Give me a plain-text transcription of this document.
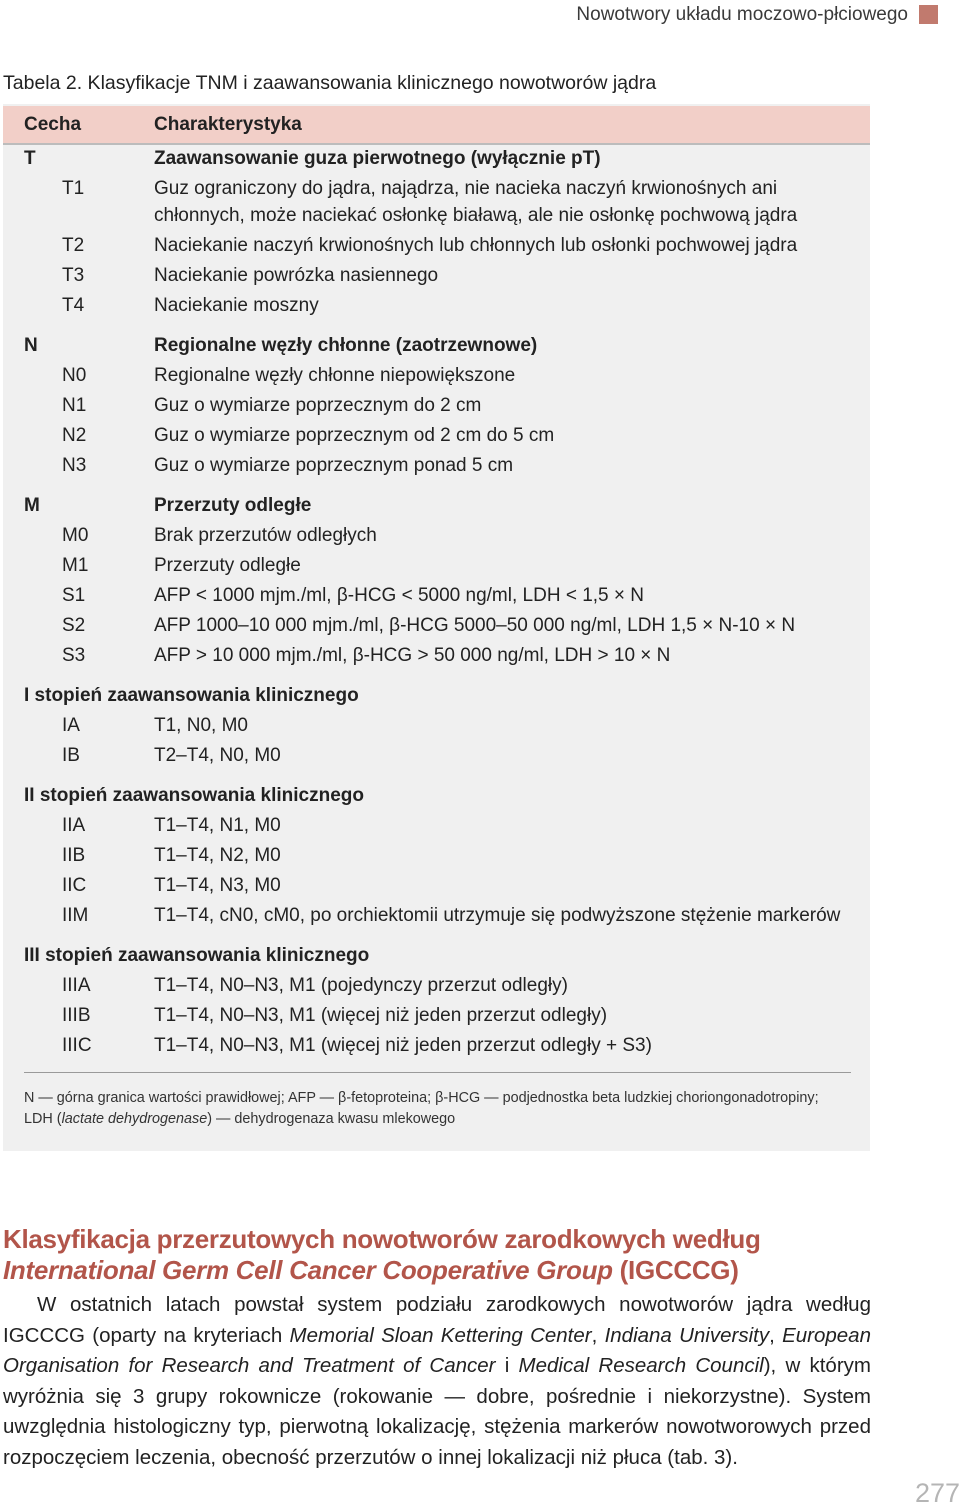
Nowotwory układu moczowo-płciowego
Tabela 2. Klasyfikacje TNM i zaawansowania klinicznego nowotworów jądra
Cecha	Charakterystyka
T	Zaawansowanie guza pierwotnego (wyłącznie pT)
T1	Guz ograniczony do jądra, najądrza, nie nacieka naczyń krwionośnych ani
chłonnych, może naciekać osłonkę białawą, ale nie osłonkę pochwową jądra
T2	Naciekanie naczyń krwionośnych lub chłonnych lub osłonki pochwowej jądra
T3	Naciekanie powrózka nasiennego
T4	Naciekanie moszny
N	Regionalne węzły chłonne (zaotrzewnowe)
N0	Regionalne węzły chłonne niepowiększone
N1	Guz o wymiarze poprzecznym do 2 cm
N2	Guz o wymiarze poprzecznym od 2 cm do 5 cm
N3	Guz o wymiarze poprzecznym ponad 5 cm
M	Przerzuty odległe
M0	Brak przerzutów odległych
M1	Przerzuty odległe
S1	AFP < 1000 mjm./ml, β-HCG < 5000 ng/ml, LDH < 1,5 × N
S2	AFP 1000–10 000 mjm./ml, β-HCG 5000–50 000 ng/ml, LDH 1,5 × N-10 × N
S3	AFP > 10 000 mjm./ml, β-HCG > 50 000 ng/ml, LDH > 10 × N
I stopień zaawansowania klinicznego
IA	T1, N0, M0
IB	T2–T4, N0, M0
II stopień zaawansowania klinicznego
IIA	T1–T4, N1, M0
IIB	T1–T4, N2, M0
IIC	T1–T4, N3, M0
IIM	T1–T4, cN0, cM0, po orchiektomii utrzymuje się podwyższone stężenie markerów
III stopień zaawansowania klinicznego
IIIA	T1–T4, N0–N3, M1 (pojedynczy przerzut odległy)
IIIB	T1–T4, N0–N3, M1 (więcej niż jeden przerzut odległy)
IIIC	T1–T4, N0–N3, M1 (więcej niż jeden przerzut odległy + S3)
N — górna granica wartości prawidłowej; AFP — β-fetoproteina; β-HCG — podjednostka beta ludzkiej choriongonadotropiny;
LDH (lactate dehydrogenase) — dehydrogenaza kwasu mlekowego
Klasyfikacja przerzutowych nowotworów zarodkowych według International Germ Cell Cancer Cooperative Group (IGCCCG)
W ostatnich latach powstał system podziału zarodkowych nowotworów jądra według IGCCCG (oparty na kryteriach Memorial Sloan Kettering Center, Indiana University, European Organisation for Research and Treatment of Cancer i Medical Research Council), w którym wyróżnia się 3 grupy rokownicze (rokowanie — dobre, pośrednie i niekorzystne). System uwzględnia histologiczny typ, pierwotną lokalizację, stężenia markerów nowotworowych przed rozpoczęciem leczenia, obecność przerzutów o innej lokalizacji niż płuca (tab. 3).
277
